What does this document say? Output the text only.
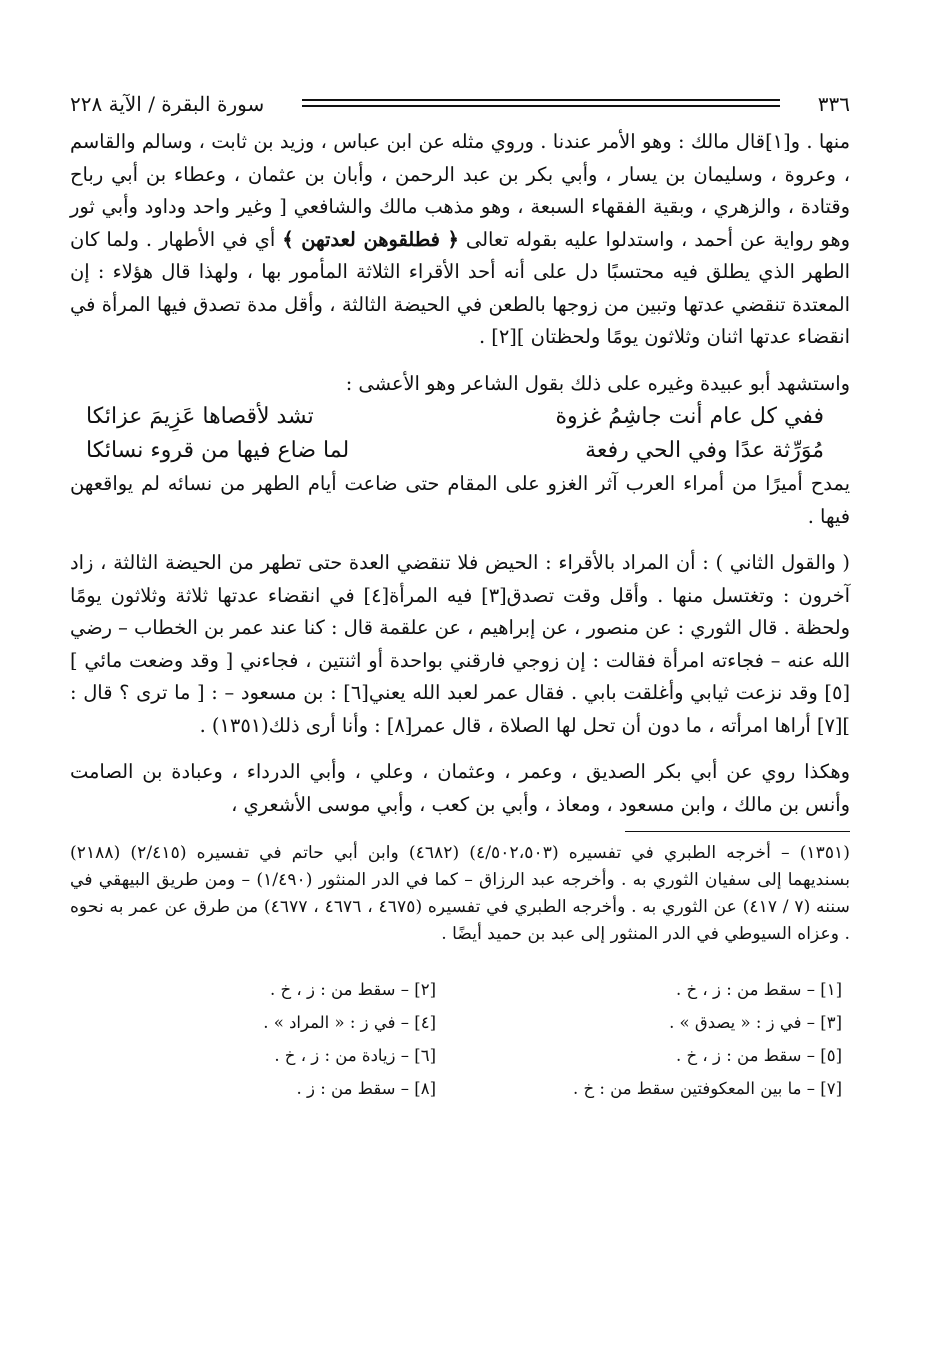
٣٣٦
سورة البقرة / الآية ٢٢٨

منها . و[١]قال مالك : وهو الأمر عندنا . وروي مثله عن ابن عباس ، وزيد بن ثابت ، وسالم والقاسم ، وعروة ، وسليمان بن يسار ، وأبي بكر بن عبد الرحمن ، وأبان بن عثمان ، وعطاء بن أبي رباح وقتادة ، والزهري ، وبقية الفقهاء السبعة ، وهو مذهب مالك والشافعي [ وغير واحد وداود وأبي ثور وهو رواية عن أحمد ، واستدلوا عليه بقوله تعالى ﴿ فطلقوهن لعدتهن ﴾ أي في الأطهار . ولما كان الطهر الذي يطلق فيه محتسبًا دل على أنه أحد الأقراء الثلاثة المأمور بها ، ولهذا قال هؤلاء : إن المعتدة تنقضي عدتها وتبين من زوجها بالطعن في الحيضة الثالثة ، وأقل مدة تصدق فيها المرأة في انقضاء عدتها اثنان وثلاثون يومًا ولحظتان ][٢] .

واستشهد أبو عبيدة وغيره على ذلك بقول الشاعر وهو الأعشى :

ففي كل عام أنت جاشِمُ غزوة
تشد لأقصاها عَزِيمَ عزائكا
مُوَرِّثة عدًا وفي الحي رفعة
لما ضاع فيها من قروء نسائكا

يمدح أميرًا من أمراء العرب آثر الغزو على المقام حتى ضاعت أيام الطهر من نسائه لم يواقعهن فيها .

( والقول الثاني ) : أن المراد بالأقراء : الحيض فلا تنقضي العدة حتى تطهر من الحيضة الثالثة ، زاد آخرون : وتغتسل منها . وأقل وقت تصدق[٣] فيه المرأة[٤] في انقضاء عدتها ثلاثة وثلاثون يومًا ولحظة . قال الثوري : عن منصور ، عن إبراهيم ، عن علقمة قال : كنا عند عمر بن الخطاب – رضي الله عنه – فجاءته امرأة فقالت : إن زوجي فارقني بواحدة أو اثنتين ، فجاءني [ وقد وضعت مائي ][٥] وقد نزعت ثيابي وأغلقت بابي . فقال عمر لعبد الله يعني[٦] : بن مسعود – : [ ما ترى ؟ قال : ][٧] أراها امرأته ، ما دون أن تحل لها الصلاة ، قال عمر[٨] : وأنا أرى ذلك(١٣٥١) .

وهكذا روي عن أبي بكر الصديق ، وعمر ، وعثمان ، وعلي ، وأبي الدرداء ، وعبادة بن الصامت وأنس بن مالك ، وابن مسعود ، ومعاذ ، وأبي بن كعب ، وأبي موسى الأشعري ،

(١٣٥١) – أخرجه الطبري في تفسيره (٤/٥٠٢،٥٠٣) (٤٦٨٢) وابن أبي حاتم في تفسيره (٢/٤١٥) (٢١٨٨) بسنديهما إلى سفيان الثوري به . وأخرجه عبد الرزاق – كما في الدر المنثور (١/٤٩٠) – ومن طريق البيهقي في سننه (٧ / ٤١٧) عن الثوري به . وأخرجه الطبري في تفسيره (٤٦٧٥ ، ٤٦٧٦ ، ٤٦٧٧) من طرق عن عمر به نحوه . وعزاه السيوطي في الدر المنثور إلى عبد بن حميد أيضًا .

[١] – سقط من : ز ، خ .
[٢] – سقط من : ز ، خ .
[٣] – في ز : « يصدق » .
[٤] – في ز : « المراد » .
[٥] – سقط من : ز ، خ .
[٦] – زيادة من : ز ، خ .
[٧] – ما بين المعكوفتين سقط من : خ .
[٨] – سقط من : ز .
